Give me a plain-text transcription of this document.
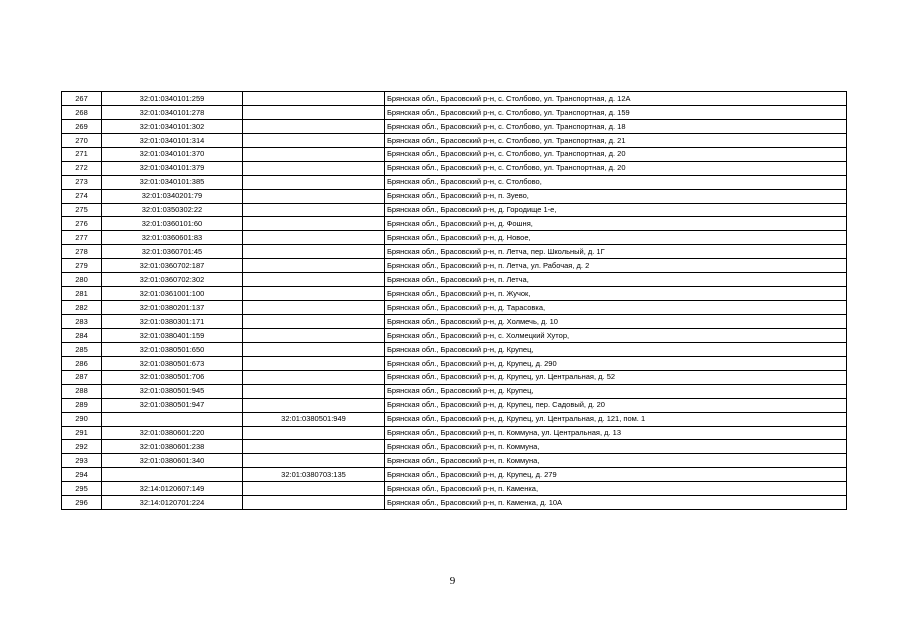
267	32:01:0340101:259		Брянская обл., Брасовский р-н, с. Столбово, ул. Транспортная, д. 12А
268	32:01:0340101:278		Брянская обл., Брасовский р-н, с. Столбово, ул. Транспортная, д. 159
269	32:01:0340101:302		Брянская обл., Брасовский р-н, с. Столбово, ул. Транспортная, д. 18
270	32:01:0340101:314		Брянская обл., Брасовский р-н, с. Столбово, ул. Транспортная, д. 21
271	32:01:0340101:370		Брянская обл., Брасовский р-н, с. Столбово, ул. Транспортная, д. 20
272	32:01:0340101:379		Брянская обл., Брасовский р-н, с. Столбово, ул. Транспортная, д. 20
273	32:01:0340101:385		Брянская обл., Брасовский р-н, с. Столбово,
274	32:01:0340201:79		Брянская обл., Брасовский р-н, п. Зуево,
275	32:01:0350302:22		Брянская обл., Брасовский р-н, д. Городище 1-е,
276	32:01:0360101:60		Брянская обл., Брасовский р-н, д. Фошня,
277	32:01:0360601:83		Брянская обл., Брасовский р-н, д. Новое,
278	32:01:0360701:45		Брянская обл., Брасовский р-н, п. Летча, пер. Школьный, д. 1Г
279	32:01:0360702:187		Брянская обл., Брасовский р-н, п. Летча, ул. Рабочая, д. 2
280	32:01:0360702:302		Брянская обл., Брасовский р-н, п. Летча,
281	32:01:0361001:100		Брянская обл., Брасовский р-н, п. Жучок,
282	32:01:0380201:137		Брянская обл., Брасовский р-н, д. Тарасовка,
283	32:01:0380301:171		Брянская обл., Брасовский р-н, д. Холмечь, д. 10
284	32:01:0380401:159		Брянская обл., Брасовский р-н, с. Холмецкий Хутор,
285	32:01:0380501:650		Брянская обл., Брасовский р-н, д. Крупец,
286	32:01:0380501:673		Брянская обл., Брасовский р-н, д. Крупец, д. 290
287	32:01:0380501:706		Брянская обл., Брасовский р-н, д. Крупец, ул. Центральная, д. 52
288	32:01:0380501:945		Брянская обл., Брасовский р-н, д. Крупец,
289	32:01:0380501:947		Брянская обл., Брасовский р-н, д. Крупец, пер. Садовый, д. 20
290		32:01:0380501:949	Брянская обл., Брасовский р-н, д. Крупец, ул. Центральная, д. 121, пом. 1
291	32:01:0380601:220		Брянская обл., Брасовский р-н, п. Коммуна, ул. Центральная, д. 13
292	32:01:0380601:238		Брянская обл., Брасовский р-н, п. Коммуна,
293	32:01:0380601:340		Брянская обл., Брасовский р-н, п. Коммуна,
294		32:01:0380703:135	Брянская обл., Брасовский р-н, д. Крупец, д. 279
295	32:14:0120607:149		Брянская обл., Брасовский р-н, п. Каменка,
296	32:14:0120701:224		Брянская обл., Брасовский р-н, п. Каменка, д. 10А
9
